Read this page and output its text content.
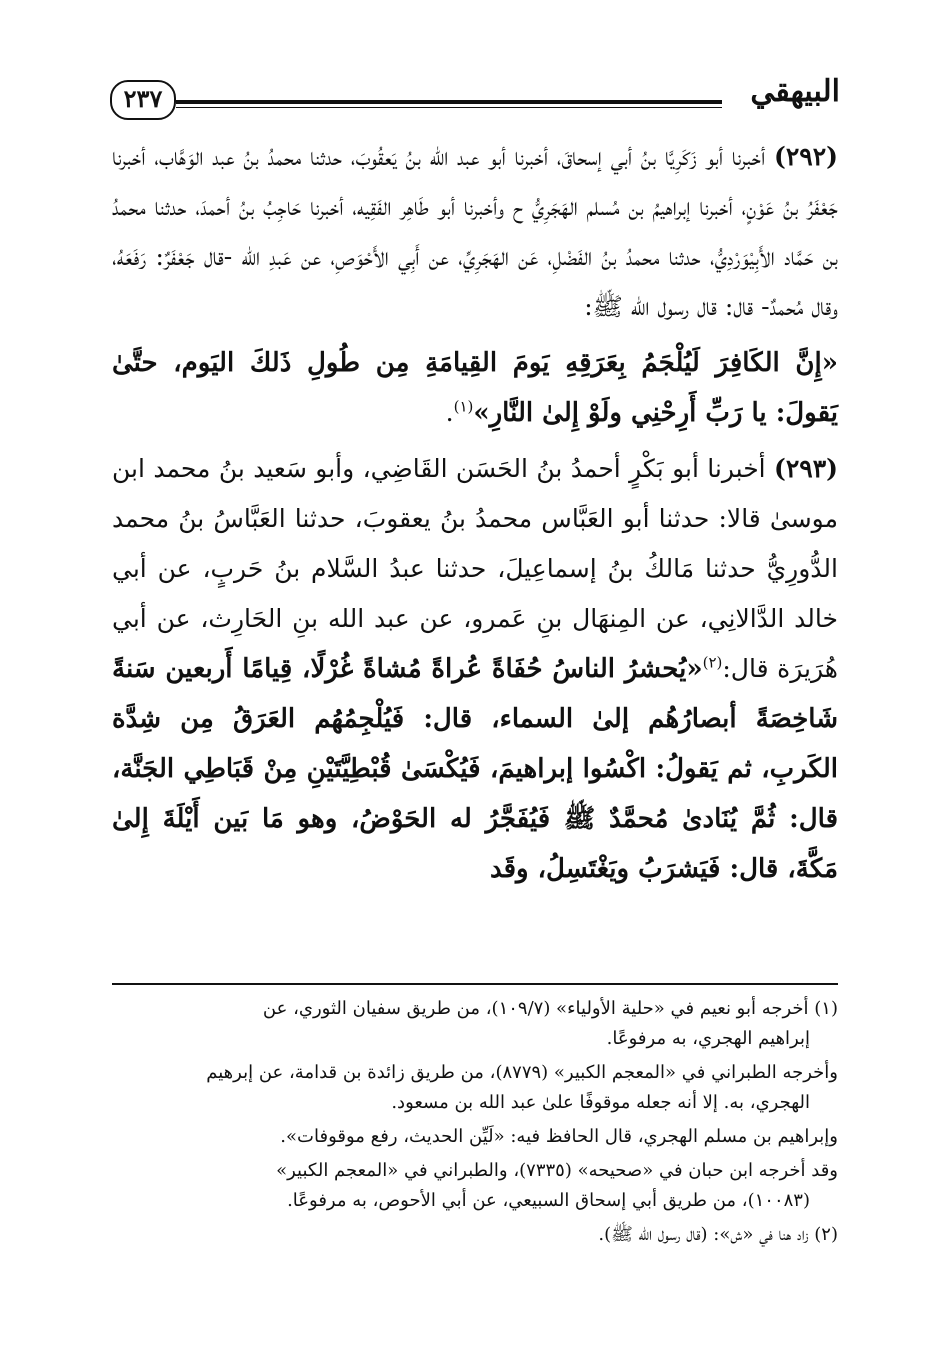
البيهقي
٢٣٧

(٢٩٢) أخبرنا أبو زَكَرِيَّا بنُ أبي إسحاقَ، أخبرنا أبو عبد الله بنُ يَعقُوبَ، حدثنا محمدُ بنُ عبد الوَهَّاب، أخبرنا جَعْفَرُ بنُ عَوْنٍ، أخبرنا إبراهيمُ بن مُسلم الهَجَرِيُّ ح وأخبرنا أبو طَاهِر الفَقِيه، أخبرنا حَاجِبُ بنُ أحمدَ، حدثنا محمدُ بن حَمَّاد الأَبِيْوَرْدِيُّ، حدثنا محمدُ بنُ الفَضْلِ، عَن الهَجَرِيِّ، عن أَبِي الأَحْوَصِ، عن عَبدِ الله -قال جَعْفَرٌ: رَفَعَهُ، وقال مُحمدٌ- قال: قال رسول الله ﷺ:

«إِنَّ الكَافِرَ لَيُلْجَمُ بِعَرَقِهِ يَومَ القِيامَةِ مِن طُولِ ذَلكَ اليَوم، حتَّىٰ يَقولَ: يا رَبِّ أَرِحْنِي ولَوْ إِلىٰ النَّارِ»$^{(١)}$.

(٢٩٣) أخبرنا أبو بَكْرٍ أحمدُ بنُ الحَسَن القَاضِي، وأبو سَعيد بنُ محمد ابن موسىٰ قالا: حدثنا أبو العَبَّاس محمدُ بنُ يعقوبَ، حدثنا العَبَّاسُ بنُ محمد الدُّورِيُّ حدثنا مَالكُ بنُ إسماعِيلَ، حدثنا عبدُ السَّلام بنُ حَربٍ، عن أبي خالد الدَّالانِي، عن المِنهَال بنِ عَمرو، عن عبد الله بنِ الحَارِث، عن أبي هُرَيرَة قال:$^{(٢)}$«يُحشرُ الناسُ حُفَاةً عُراةً مُشاةً غُرْلًا، قِيامًا أَربعين سَنةً شَاخِصَةً أبصارُهُم إلىٰ السماء، قال: فَيُلْجِمُهُم العَرَقُ مِن شِدَّة الكَربِ، ثم يَقولُ: اكْسُوا إبراهيمَ، فَيُكْسَىٰ قُبْطِيَّتَيْنِ مِنْ قَبَاطِي الجَنَّة، قال: ثُمَّ يُنَادىٰ مُحمَّدٌ ﷺ فَيُفَجَّرُ له الحَوْضُ، وهو مَا بَين أَيْلَةَ إِلىٰ مَكَّةَ، قال: فَيَشرَبُ ويَغْتَسِلُ، وقَد

(١) أخرجه أبو نعيم في «حلية الأولياء» (١٠٩/٧)، من طريق سفيان الثوري، عن
إبراهيم الهجري، به مرفوعًا.

وأخرجه الطبراني في «المعجم الكبير» (٨٧٧٩)، من طريق زائدة بن قدامة، عن إبرهيم
الهجري، به. إلا أنه جعله موقوفًا علىٰ عبد الله بن مسعود.

وإبراهيم بن مسلم الهجري، قال الحافظ فيه: «لَيِّن الحديث، رفع موقوفات».

وقد أخرجه ابن حبان في «صحيحه» (٧٣٣٥)، والطبراني في «المعجم الكبير»
(١٠٠٨٣)، من طريق أبي إسحاق السبيعي، عن أبي الأحوص، به مرفوعًا.

(٢) زاد هنا في «ش»: (قال رسول الله ﷺ).
